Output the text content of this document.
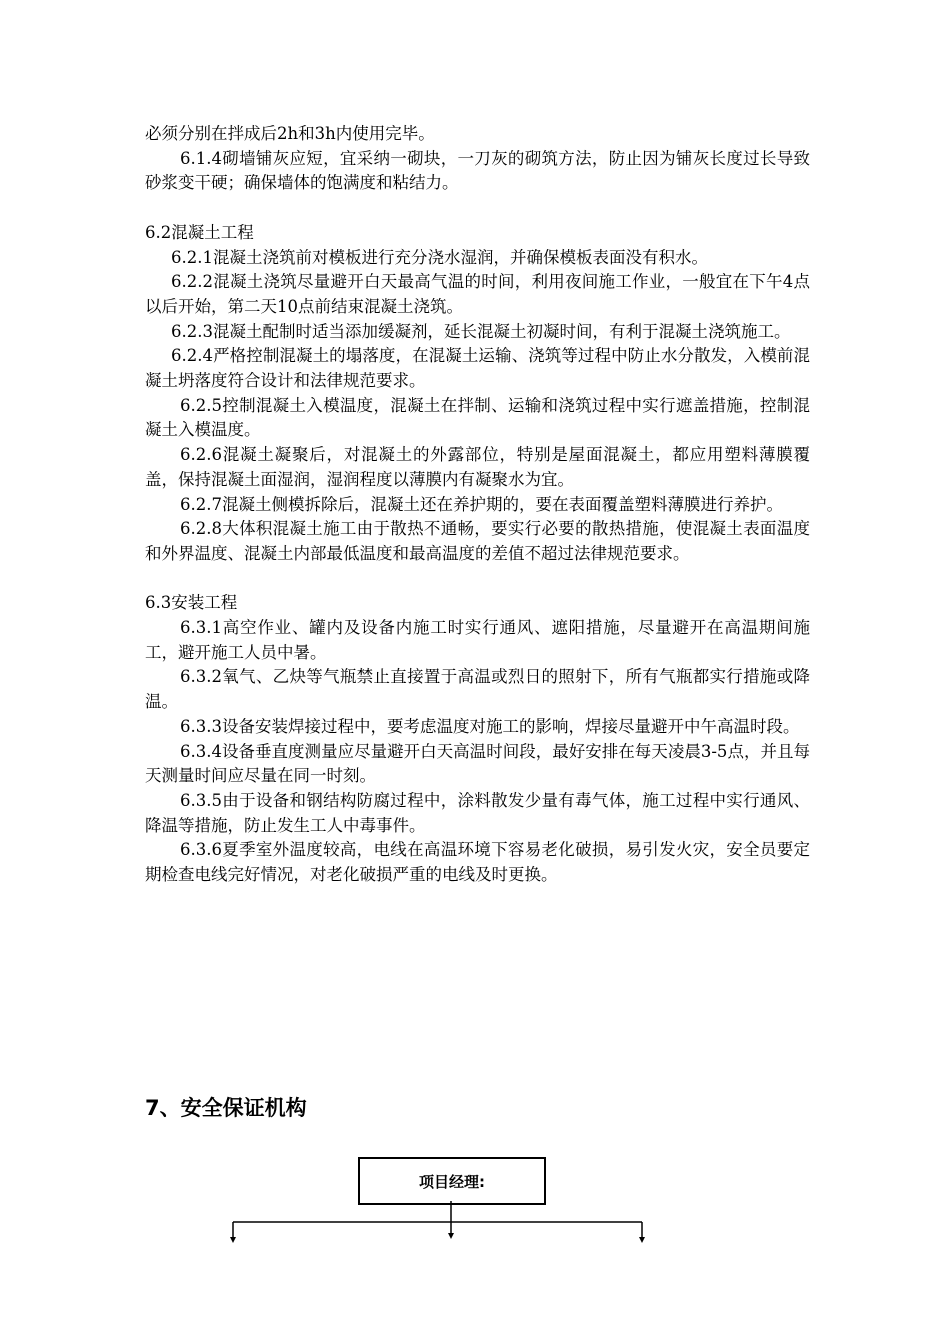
必须分别在拌成后2h和3h内使用完毕。

6.1.4砌墙铺灰应短，宜采纳一砌块，一刀灰的砌筑方法，防止因为铺灰长度过长导致砂浆变干硬；确保墙体的饱满度和粘结力。

6.2混凝土工程

6.2.1混凝土浇筑前对模板进行充分浇水湿润，并确保模板表面没有积水。

6.2.2混凝土浇筑尽量避开白天最高气温的时间，利用夜间施工作业，一般宜在下午4点以后开始，第二天10点前结束混凝土浇筑。

6.2.3混凝土配制时适当添加缓凝剂，延长混凝土初凝时间，有利于混凝土浇筑施工。

6.2.4严格控制混凝土的塌落度，在混凝土运输、浇筑等过程中防止水分散发，入模前混凝土坍落度符合设计和法律规范要求。

6.2.5控制混凝土入模温度，混凝土在拌制、运输和浇筑过程中实行遮盖措施，控制混凝土入模温度。

6.2.6混凝土凝聚后，对混凝土的外露部位，特别是屋面混凝土，都应用塑料薄膜覆盖，保持混凝土面湿润，湿润程度以薄膜内有凝聚水为宜。

6.2.7混凝土侧模拆除后，混凝土还在养护期的，要在表面覆盖塑料薄膜进行养护。

6.2.8大体积混凝土施工由于散热不通畅，要实行必要的散热措施，使混凝土表面温度和外界温度、混凝土内部最低温度和最高温度的差值不超过法律规范要求。

6.3安装工程

6.3.1高空作业、罐内及设备内施工时实行通风、遮阳措施，尽量避开在高温期间施工，避开施工人员中暑。

6.3.2氧气、乙炔等气瓶禁止直接置于高温或烈日的照射下，所有气瓶都实行措施或降温。

6.3.3设备安装焊接过程中，要考虑温度对施工的影响，焊接尽量避开中午高温时段。

6.3.4设备垂直度测量应尽量避开白天高温时间段，最好安排在每天凌晨3-5点，并且每天测量时间应尽量在同一时刻。

6.3.5由于设备和钢结构防腐过程中，涂料散发少量有毒气体，施工过程中实行通风、降温等措施，防止发生工人中毒事件。

6.3.6夏季室外温度较高，电线在高温环境下容易老化破损，易引发火灾，安全员要定期检查电线完好情况，对老化破损严重的电线及时更换。

7、安全保证机构
项目经理:
